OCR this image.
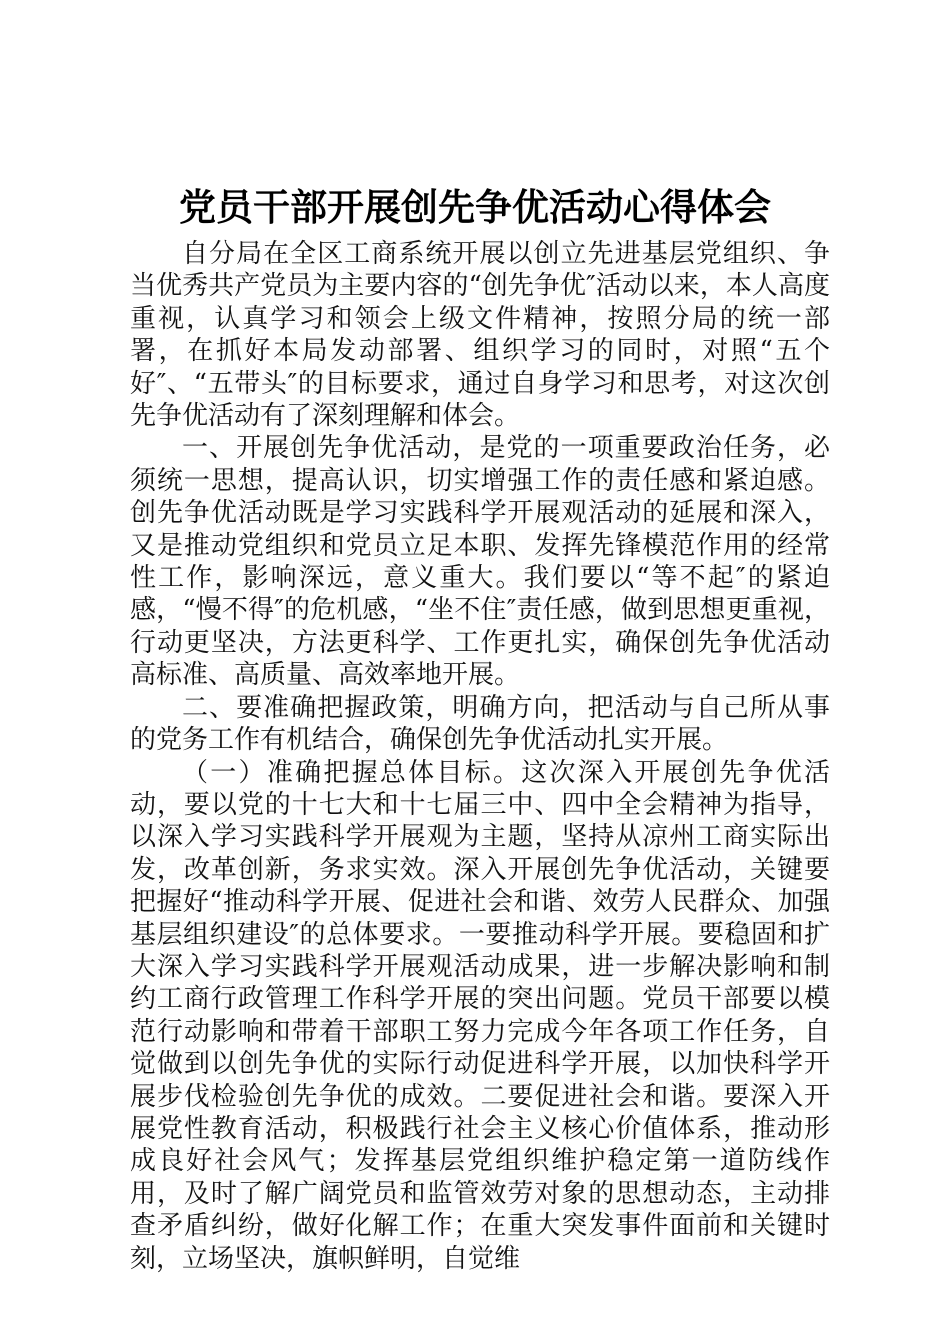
党员干部开展创先争优活动心得体会

自分局在全区工商系统开展以创立先进基层党组织、争当优秀共产党员为主要内容的“创先争优″活动以来，本人高度重视，认真学习和领会上级文件精神，按照分局的统一部署，在抓好本局发动部署、组织学习的同时，对照“五个好″、“五带头″的目标要求，通过自身学习和思考，对这次创先争优活动有了深刻理解和体会。

一、开展创先争优活动，是党的一项重要政治任务，必须统一思想，提高认识，切实增强工作的责任感和紧迫感。创先争优活动既是学习实践科学开展观活动的延展和深入，又是推动党组织和党员立足本职、发挥先锋模范作用的经常性工作，影响深远，意义重大。我们要以“等不起″的紧迫感，“慢不得″的危机感，“坐不住″责任感，做到思想更重视，行动更坚决，方法更科学、工作更扎实，确保创先争优活动高标准、高质量、高效率地开展。

二、要准确把握政策，明确方向，把活动与自己所从事的党务工作有机结合，确保创先争优活动扎实开展。

（一）准确把握总体目标。这次深入开展创先争优活动，要以党的十七大和十七届三中、四中全会精神为指导，以深入学习实践科学开展观为主题，坚持从凉州工商实际出发，改革创新，务求实效。深入开展创先争优活动，关键要把握好“推动科学开展、促进社会和谐、效劳人民群众、加强基层组织建设″的总体要求。一要推动科学开展。要稳固和扩大深入学习实践科学开展观活动成果，进一步解决影响和制约工商行政管理工作科学开展的突出问题。党员干部要以模范行动影响和带着干部职工努力完成今年各项工作任务，自觉做到以创先争优的实际行动促进科学开展，以加快科学开展步伐检验创先争优的成效。二要促进社会和谐。要深入开展党性教育活动，积极践行社会主义核心价值体系，推动形成良好社会风气；发挥基层党组织维护稳定第一道防线作用，及时了解广阔党员和监管效劳对象的思想动态，主动排查矛盾纠纷，做好化解工作；在重大突发事件面前和关键时刻，立场坚决，旗帜鲜明，自觉维
